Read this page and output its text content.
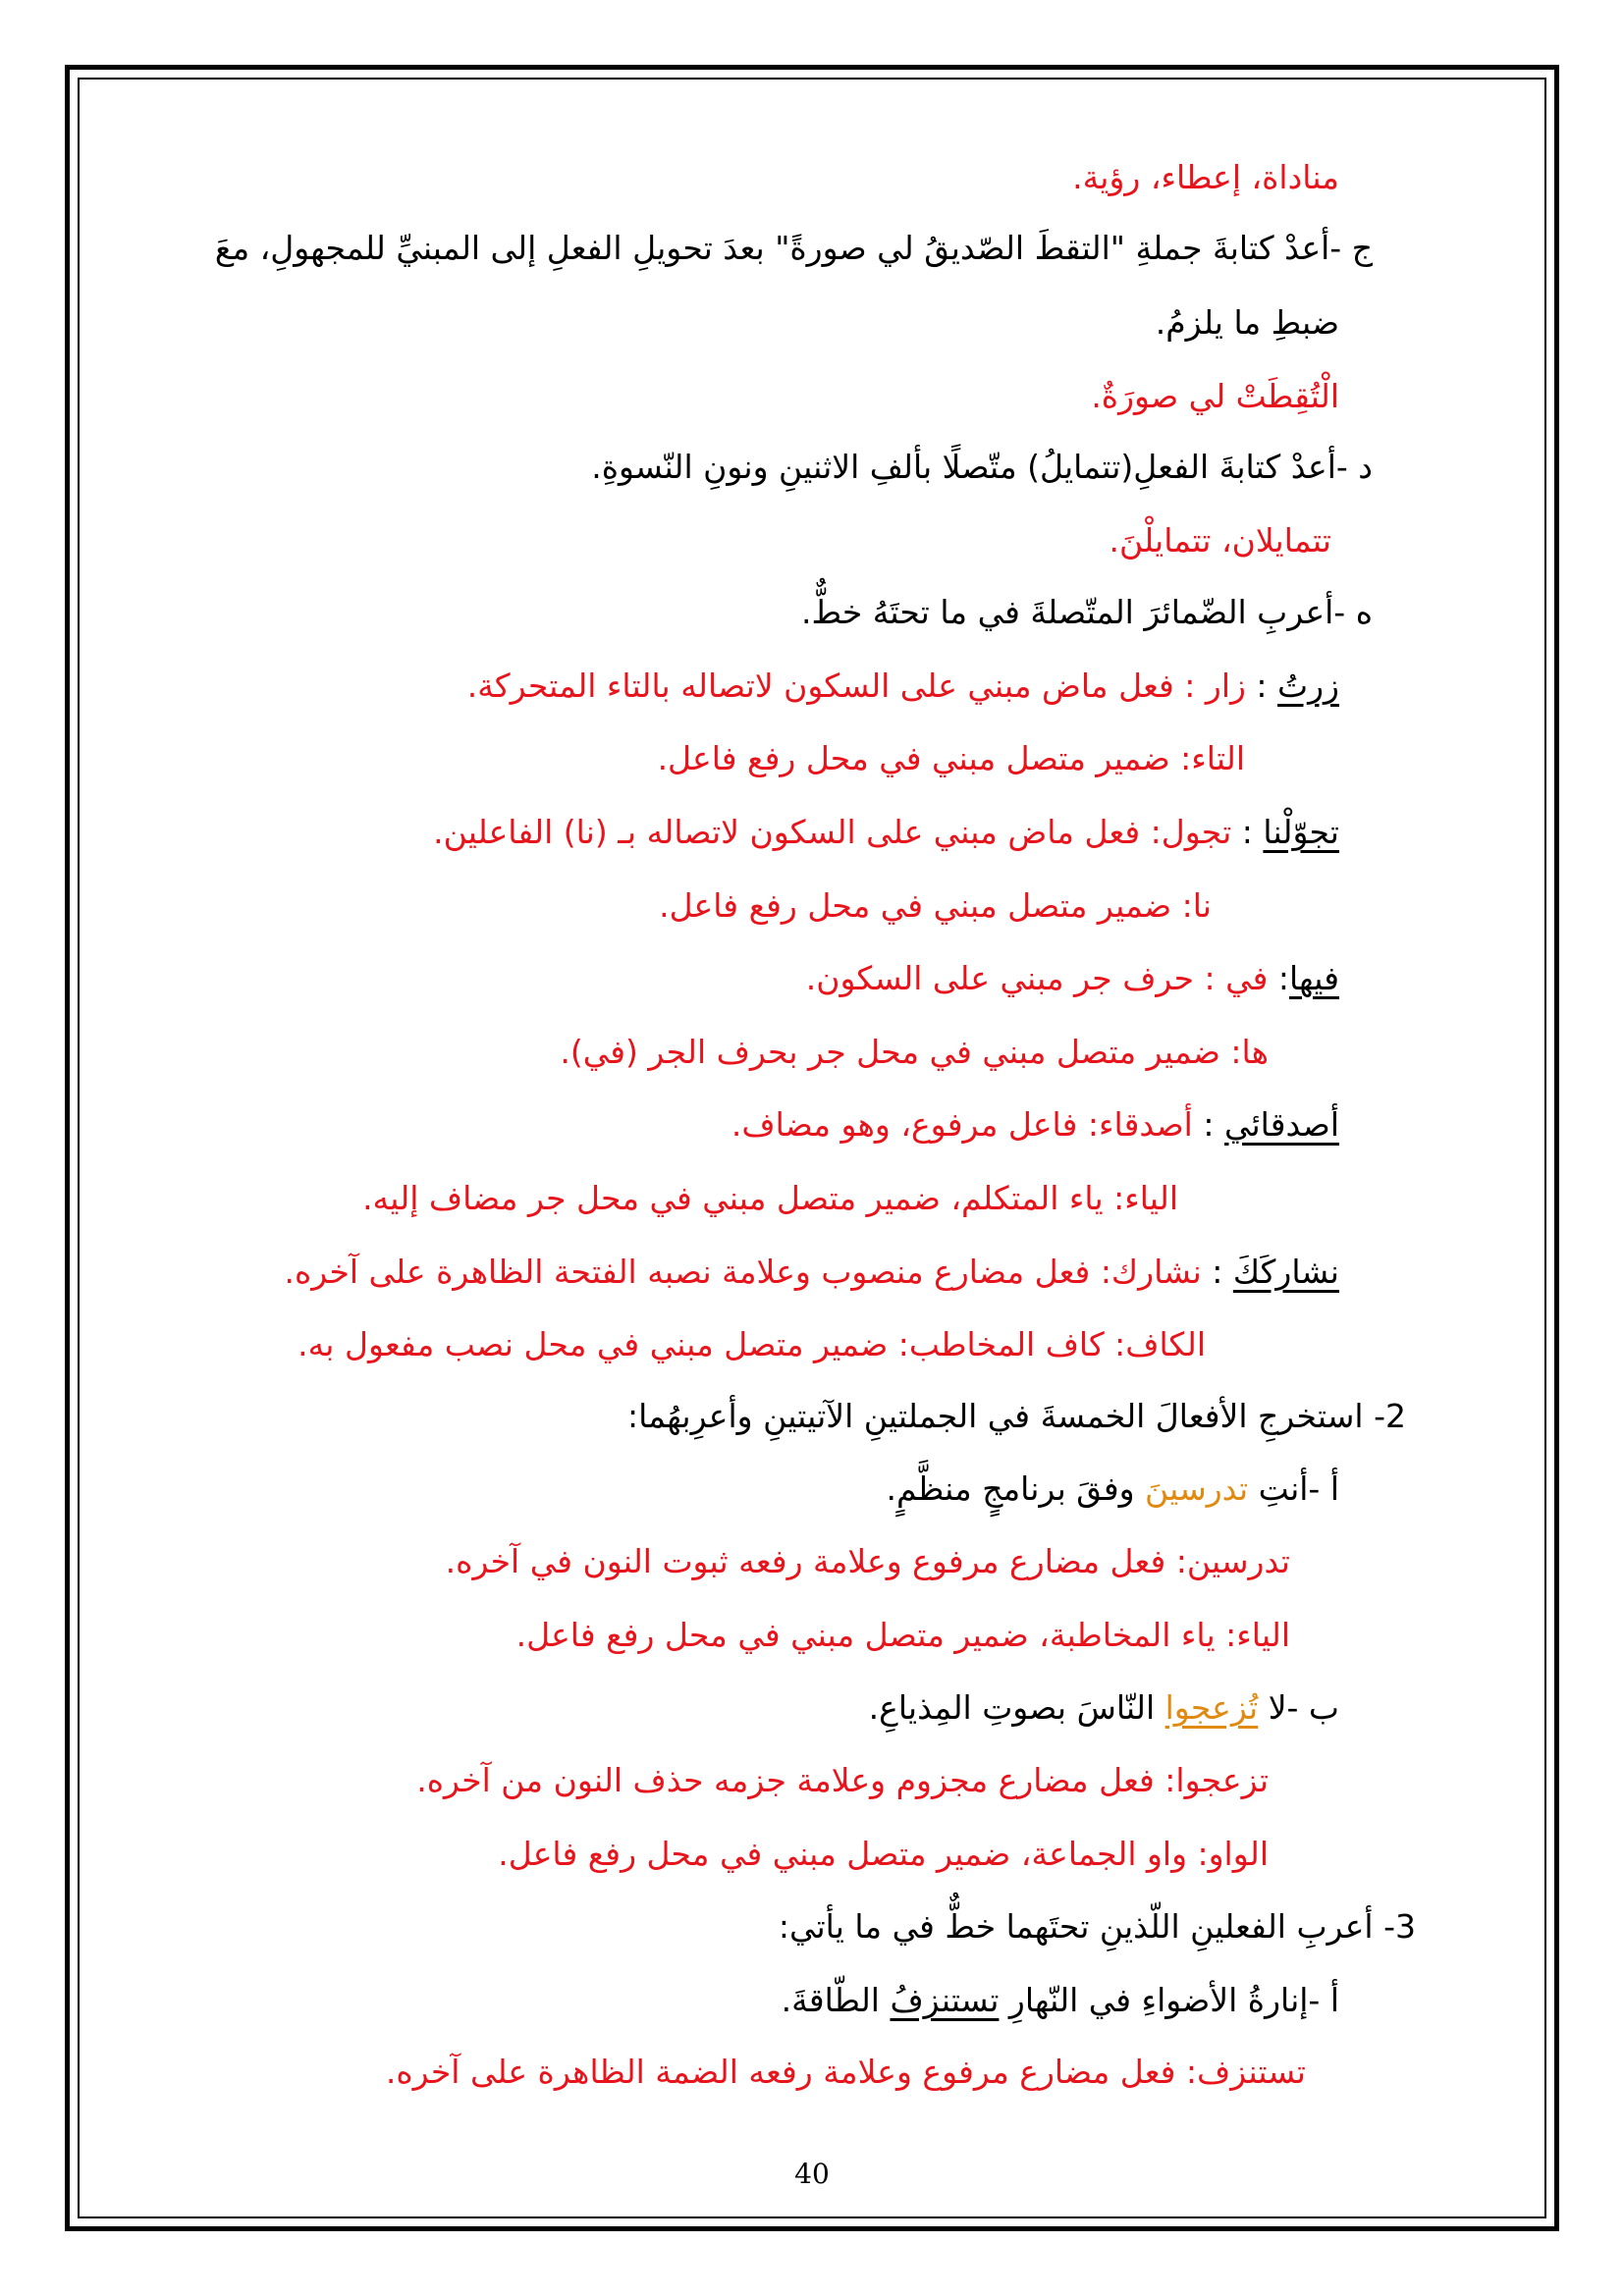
مناداة، إعطاء، رؤية.
ج -أعدْ كتابةَ جملةِ "التقطَ الصّديقُ لي صورةً" بعدَ تحويلِ الفعلِ إلى المبنيِّ للمجهولِ، معَ
ضبطِ ما يلزمُ.
الْتُقِطَتْ لي صورَةٌ.
د -أعدْ كتابةَ الفعلِ(تتمايلُ) متّصلًا بألفِ الاثنينِ ونونِ النّسوةِ.
تتمايلان، تتمايلْنَ.
ه -أعربِ الضّمائرَ المتّصلةَ في ما تحتَهُ خطٌّ.
زرتُ : زار : فعل ماض مبني على السكون لاتصاله بالتاء المتحركة.
التاء: ضمير متصل مبني في محل رفع فاعل.
تجوّلْنا : تجول: فعل ماض مبني على السكون لاتصاله بـ (نا) الفاعلين.
نا: ضمير متصل مبني في محل رفع فاعل.
فيها: في : حرف جر مبني على السكون.
ها: ضمير متصل مبني في محل جر بحرف الجر (في).
أصدقائي : أصدقاء: فاعل مرفوع، وهو مضاف.
الياء: ياء المتكلم، ضمير متصل مبني في محل جر مضاف إليه.
نشاركَكَ : نشارك: فعل مضارع منصوب وعلامة نصبه الفتحة الظاهرة على آخره.
الكاف: كاف المخاطب: ضمير متصل مبني في محل نصب مفعول به.
2- استخرجِ الأفعالَ الخمسةَ في الجملتينِ الآتيتينِ وأعرِبهُما:
أ -أنتِ تدرسينَ وفقَ برنامجٍ منظَّمٍ.
تدرسين: فعل مضارع مرفوع وعلامة رفعه ثبوت النون في آخره.
الياء: ياء المخاطبة، ضمير متصل مبني في محل رفع فاعل.
ب -لا تُزعجوا النّاسَ بصوتِ المِذياعِ.
تزعجوا: فعل مضارع مجزوم وعلامة جزمه حذف النون من آخره.
الواو: واو الجماعة، ضمير متصل مبني في محل رفع فاعل.
3- أعربِ الفعلينِ اللّذينِ تحتَهما خطٌّ في ما يأتي:
أ -إنارةُ الأضواءِ في النّهارِ تستنزفُ الطّاقةَ.
تستنزف: فعل مضارع مرفوع وعلامة رفعه الضمة الظاهرة على آخره.
40
